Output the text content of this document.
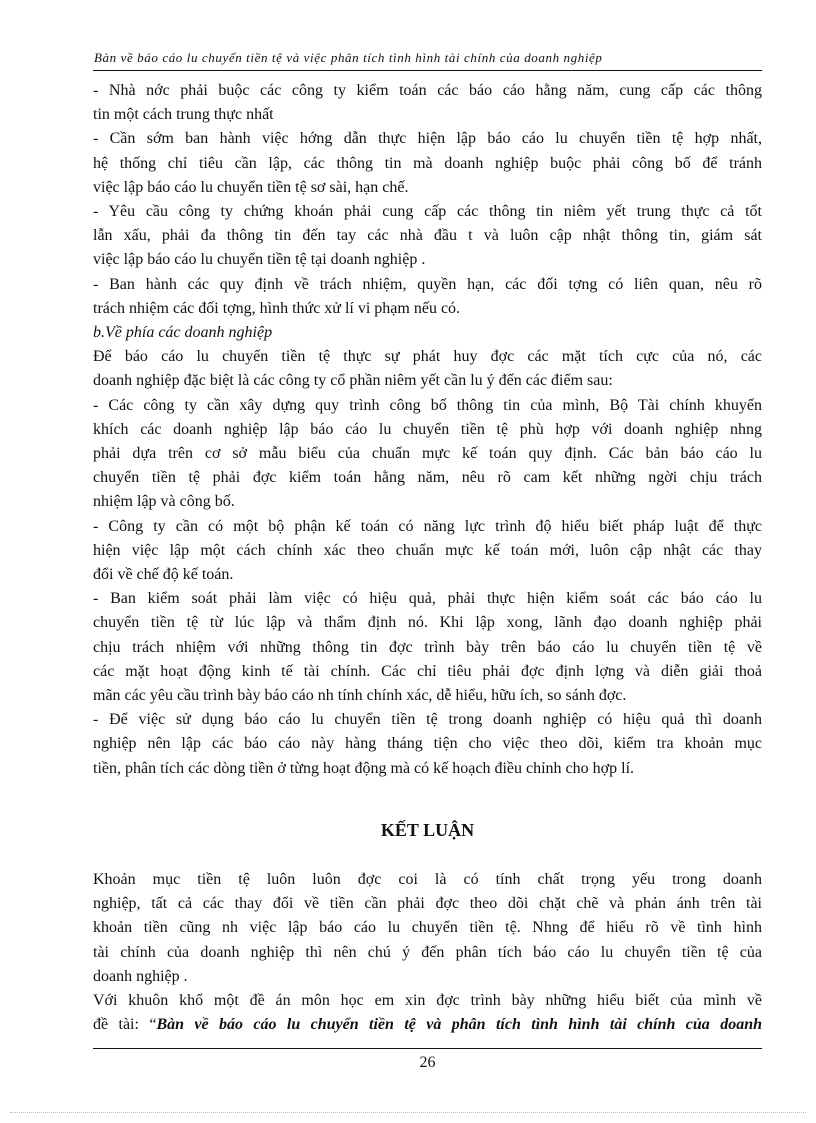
Bàn về báo cáo lu chuyển tiền tệ và việc phân tích tình hình tài chính của doanh nghiệp

- Nhà nớc phải buộc các công ty kiểm toán các báo cáo hằng năm, cung cấp các thông
tin một cách trung thực nhất

- Cần sớm ban hành việc hớng dẫn thực hiện lập báo cáo lu chuyển tiền tệ hợp nhất,
hệ thống chỉ tiêu cần lập, các thông tin mà doanh nghiệp buộc phải công bố để tránh
việc lập báo cáo lu chuyển tiền tệ sơ sài, hạn chế.

- Yêu cầu công ty chứng khoán phải cung cấp các thông tin niêm yết trung thực cả tốt
lẫn xấu, phải đa thông tin đến tay các nhà đầu t và luôn cập nhật thông tin, giám sát
việc lập báo cáo lu chuyển tiền tệ tại doanh nghiệp .

- Ban hành các quy định về trách nhiệm, quyền hạn, các đối tợng có liên quan, nêu rõ
trách nhiệm các đối tợng, hình thức xử lí vi phạm nếu có.

b.Về phía các doanh nghiệp

Để báo cáo lu chuyển tiền tệ thực sự phát huy đợc các mặt tích cực của nó, các
doanh nghiệp đặc biệt là các công ty cổ phần niêm yết cần lu ý đến các điểm sau:

- Các công ty cần xây dựng quy trình công bố thông tin của mình, Bộ Tài chính khuyến
khích các doanh nghiệp lập báo cáo lu chuyển tiền tệ phù hợp với doanh nghiệp nhng
phải dựa trên cơ sở mẫu biểu của chuẩn mực kế toán quy định. Các bản báo cáo lu
chuyển tiền tệ phải đợc kiểm toán hằng năm, nêu rõ cam kết những ngời chịu trách
nhiệm lập và công bố.

- Công ty cần có một bộ phận kế toán có năng lực trình độ hiểu biết pháp luật để thực
hiện việc lập một cách chính xác theo chuẩn mực kế toán mới, luôn cập nhật các thay
đổi về chế độ kế toán.

- Ban kiểm soát phải làm việc có hiệu quả, phải thực hiện kiểm soát các báo cáo lu
chuyển tiền tệ từ lúc lập và thẩm định nó. Khi lập xong, lãnh đạo doanh nghiệp phải
chịu trách nhiệm với những thông tin đợc trình bày trên báo cáo lu chuyển tiền tệ về
các mặt hoạt động kinh tế tài chính. Các chỉ tiêu phải đợc định lợng và diễn giải thoả
mãn các yêu cầu trình bày báo cáo nh tính chính xác, dễ hiểu, hữu ích, so sánh đợc.

- Để việc sử dụng báo cáo lu chuyển tiền tệ trong doanh nghiệp có hiệu quả thì doanh
nghiệp nên lập các báo cáo này hàng tháng tiện cho việc theo dõi, kiểm tra khoản mục
tiền, phân tích các dòng tiền ở từng hoạt động mà có kế hoạch điều chỉnh cho hợp lí.

KẾT LUẬN

Khoản mục tiền tệ luôn luôn đợc coi là có tính chất trọng yếu trong doanh
nghiệp, tất cả các thay đổi về tiền cần phải đợc theo dõi chặt chẽ và phản ánh trên tài
khoản tiền cũng nh việc lập báo cáo lu chuyển tiền tệ. Nhng để hiểu rõ về tình hình
tài chính của doanh nghiệp thì nên chú ý đến phân tích báo cáo lu chuyển tiền tệ của
doanh nghiệp .

Với khuôn khổ một đề án môn học em xin đợc trình bày những hiểu biết của mình về
đề tài: “Bàn về báo cáo lu chuyển tiền tệ và phân tích tình hình tài chính của doanh

26
